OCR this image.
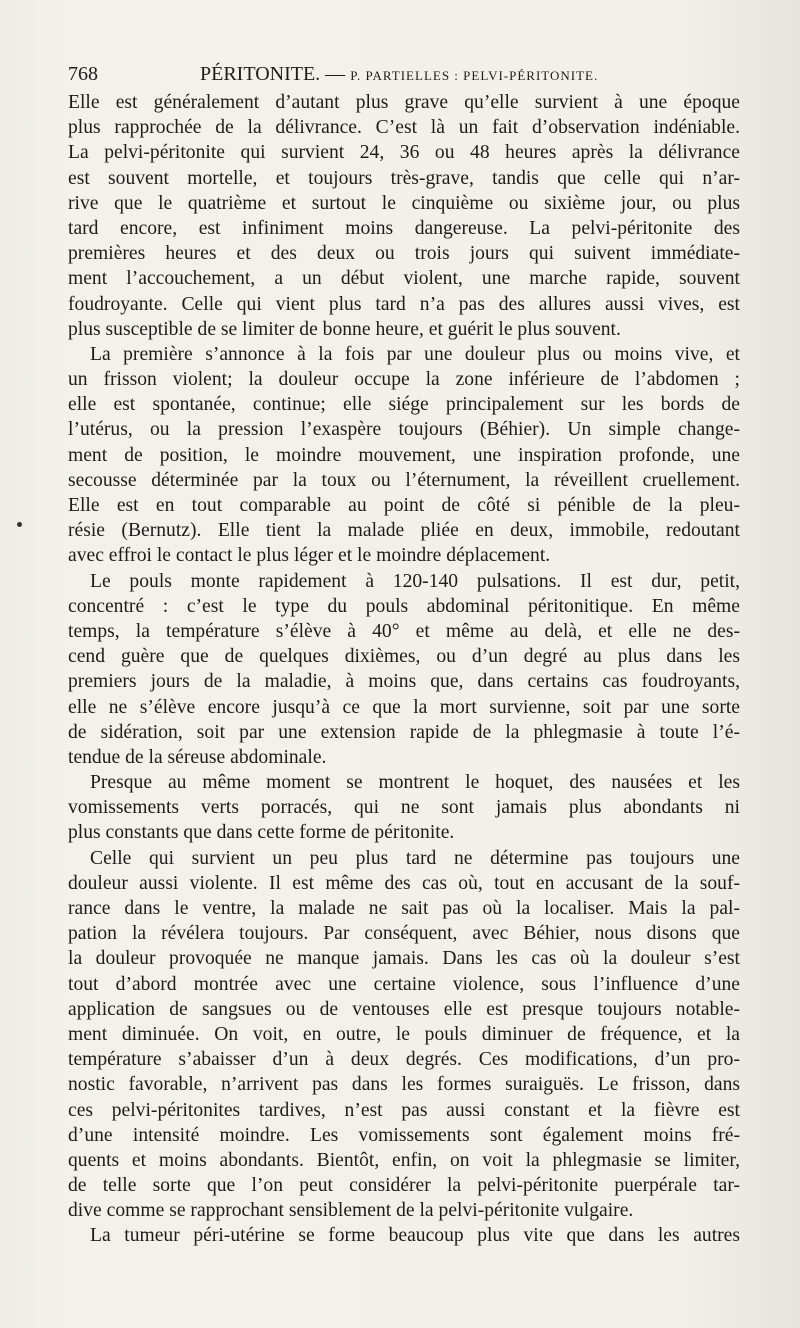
768	PÉRITONITE. — P. PARTIELLES : PELVI-PÉRITONITE.
Elle est généralement d’autant plus grave qu’elle survient à une époque
plus rapprochée de la délivrance. C’est là un fait d’observation indéniable.
La pelvi-péritonite qui survient 24, 36 ou 48 heures après la délivrance
est souvent mortelle, et toujours très-grave, tandis que celle qui n’ar-
rive que le quatrième et surtout le cinquième ou sixième jour, ou plus
tard encore, est infiniment moins dangereuse. La pelvi-péritonite des
premières heures et des deux ou trois jours qui suivent immédiate-
ment l’accouchement, a un début violent, une marche rapide, souvent
foudroyante. Celle qui vient plus tard n’a pas des allures aussi vives, est
plus susceptible de se limiter de bonne heure, et guérit le plus souvent.
La première s’annonce à la fois par une douleur plus ou moins vive, et
un frisson violent; la douleur occupe la zone inférieure de l’abdomen ;
elle est spontanée, continue; elle siége principalement sur les bords de
l’utérus, ou la pression l’exaspère toujours (Béhier). Un simple change-
ment de position, le moindre mouvement, une inspiration profonde, une
secousse déterminée par la toux ou l’éternument, la réveillent cruellement.
Elle est en tout comparable au point de côté si pénible de la pleu-
résie (Bernutz). Elle tient la malade pliée en deux, immobile, redoutant
avec effroi le contact le plus léger et le moindre déplacement.
Le pouls monte rapidement à 120-140 pulsations. Il est dur, petit,
concentré : c’est le type du pouls abdominal péritonitique. En même
temps, la température s’élève à 40° et même au delà, et elle ne des-
cend guère que de quelques dixièmes, ou d’un degré au plus dans les
premiers jours de la maladie, à moins que, dans certains cas foudroyants,
elle ne s’élève encore jusqu’à ce que la mort survienne, soit par une sorte
de sidération, soit par une extension rapide de la phlegmasie à toute l’é-
tendue de la séreuse abdominale.
Presque au même moment se montrent le hoquet, des nausées et les
vomissements verts porracés, qui ne sont jamais plus abondants ni
plus constants que dans cette forme de péritonite.
Celle qui survient un peu plus tard ne détermine pas toujours une
douleur aussi violente. Il est même des cas où, tout en accusant de la souf-
rance dans le ventre, la malade ne sait pas où la localiser. Mais la pal-
pation la révélera toujours. Par conséquent, avec Béhier, nous disons que
la douleur provoquée ne manque jamais. Dans les cas où la douleur s’est
tout d’abord montrée avec une certaine violence, sous l’influence d’une
application de sangsues ou de ventouses elle est presque toujours notable-
ment diminuée. On voit, en outre, le pouls diminuer de fréquence, et la
température s’abaisser d’un à deux degrés. Ces modifications, d’un pro-
nostic favorable, n’arrivent pas dans les formes suraiguës. Le frisson, dans
ces pelvi-péritonites tardives, n’est pas aussi constant et la fièvre est
d’une intensité moindre. Les vomissements sont également moins fré-
quents et moins abondants. Bientôt, enfin, on voit la phlegmasie se limiter,
de telle sorte que l’on peut considérer la pelvi-péritonite puerpérale tar-
dive comme se rapprochant sensiblement de la pelvi-péritonite vulgaire.
La tumeur péri-utérine se forme beaucoup plus vite que dans les autres
